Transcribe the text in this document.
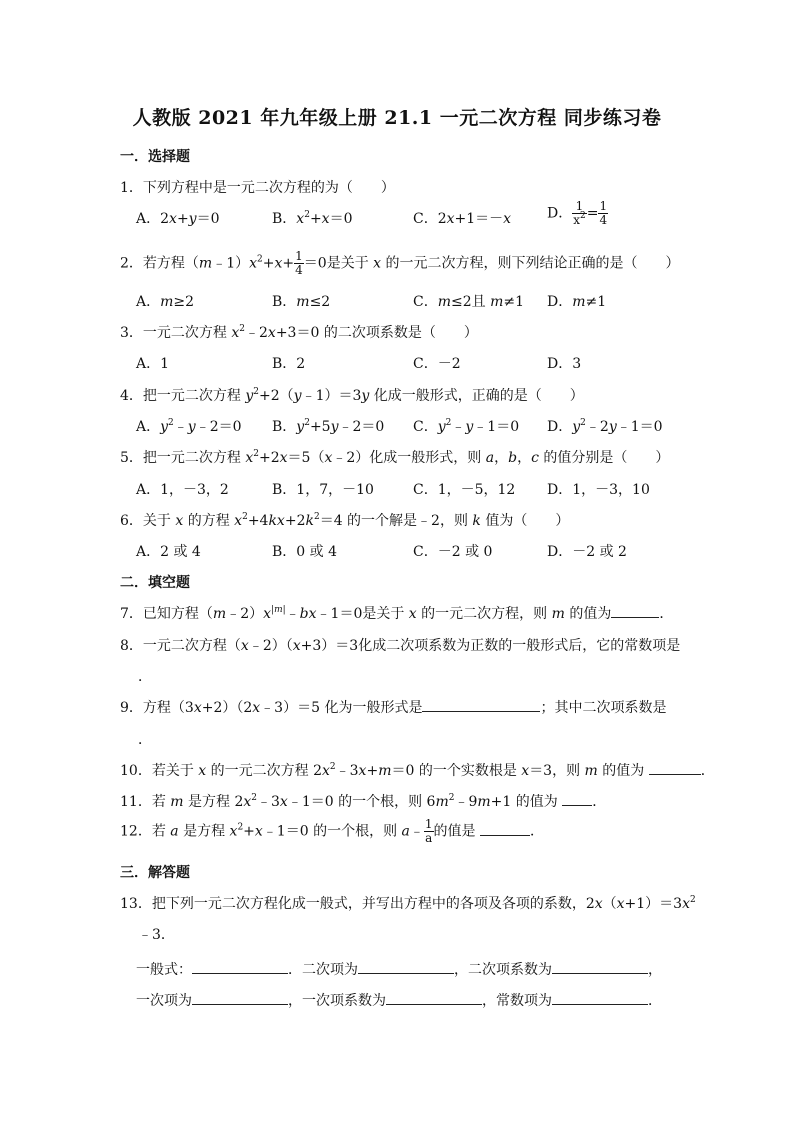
人教版 2021 年九年级上册 21.1 一元二次方程 同步练习卷
一．选择题
1．下列方程中是一元二次方程的为（　　）
A．2x+y＝0	B．$x^2+x=0$	C．2x+1＝－x	D． $\frac{1}{x^2} = \frac{1}{4}$
2．若方程$(m﹣1)x^2+x+ \frac{1}{4} =0$是关于 x 的一元二次方程，则下列结论正确的是（　　）
A．m≥2	B．m≤2	C．m≤2且 m≠1 D．m≠1
3．一元二次方程 $x^2﹣2x+3=0$ 的二次项系数是（　　）
A．1	B．2	C．－2	D．3
4．把一元二次方程 $y^2+2(y﹣1)=3y$ 化成一般形式，正确的是（　　）
A．$y^2﹣y﹣2=0$ B．$y^2+5y﹣2=0$ C．$y^2﹣y﹣1=0$ D．$y^2﹣2y﹣1=0$
5．把一元二次方程 $x^2+2x=5(x﹣2)$化成一般形式，则 a，b，c 的值分别是（　　）
A．1，－3，2	B．1，7，－10	C．1，－5，12 D．1，－3，10
6．关于 x 的方程 $x^2+4kx+2k^2=4$ 的一个解是﹣2，则 k 值为（　　）
A．2 或 4	B．0 或 4	C．－2 或 0	D．－2 或 2
二．填空题
7．已知方程$(m﹣2)x^{|m|}﹣bx﹣1=0$是关于 x 的一元二次方程，则 m 的值为	．
8．一元二次方程（x﹣2）（x+3）＝3化成二次项系数为正数的一般形式后，它的常数项是
．
9．方程（3x+2）（2x﹣3）＝5 化为一般形式是	；其中二次项系数是
．
10．若关于 x 的一元二次方程 $2x^2﹣3x+m=0$ 的一个实数根是 x＝3，则 m 的值为	．
11．若 m 是方程 $2x^2﹣3x﹣1=0$ 的一个根，则 $6m^2﹣9m+1$ 的值为 ．
12．若 a 是方程 $x^2+x﹣1=0$ 的一个根，则 a﹣ $\frac{1}{a}$ 的值是	．
三．解答题
13．把下列一元二次方程化成一般式，并写出方程中的各项及各项的系数，$2x(x+1)=3x^2$
﹣3．
一般式：	．二次项为	，二次项系数为	，
一次项为	，一次项系数为	，常数项为	．
